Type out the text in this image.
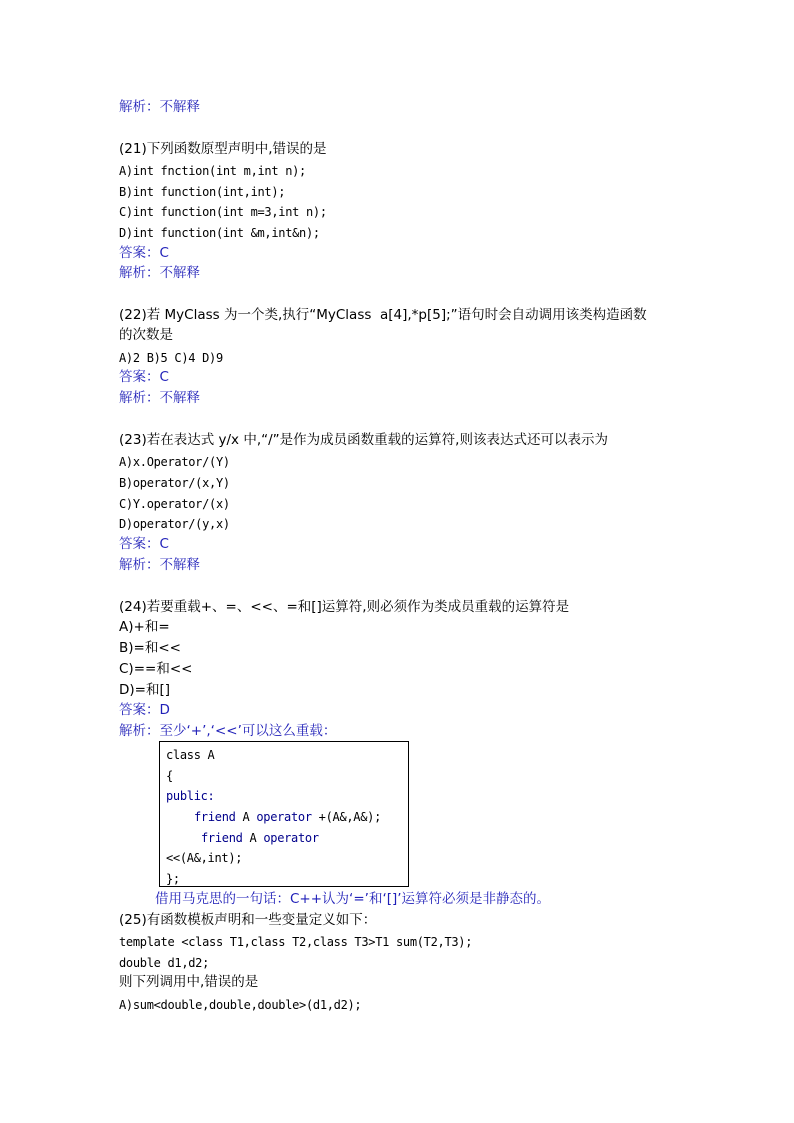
解析：不解释
(21)下列函数原型声明中,错误的是
A)int fnction(int m,int n);
B)int function(int,int);
C)int function(int m=3,int n);
D)int function(int &m,int&n);
答案：C
解析：不解释
(22)若 MyClass 为一个类,执行“MyClass  a[4],*p[5];”语句时会自动调用该类构造函数
的次数是
A)2 B)5 C)4 D)9
答案：C
解析：不解释
(23)若在表达式 y/x 中,“/”是作为成员函数重载的运算符,则该表达式还可以表示为
A)x.Operator/(Y)
B)operator/(x,Y)
C)Y.operator/(x)
D)operator/(y,x)
答案：C
解析：不解释
(24)若要重载+、=、<<、=和[]运算符,则必须作为类成员重载的运算符是
A)+和=
B)=和<<
C)==和<<
D)=和[]
答案：D
解析：至少‘+’,‘<<’可以这么重载：
class A
{
public:
friend A operator +(A&,A&);
friend A operator
<<(A&,int);
};
借用马克思的一句话：C++认为‘=’和‘[]’运算符必须是非静态的。
(25)有函数模板声明和一些变量定义如下：
template <class T1,class T2,class T3>T1 sum(T2,T3);
double d1,d2;
则下列调用中,错误的是
A)sum<double,double,double>(d1,d2);
